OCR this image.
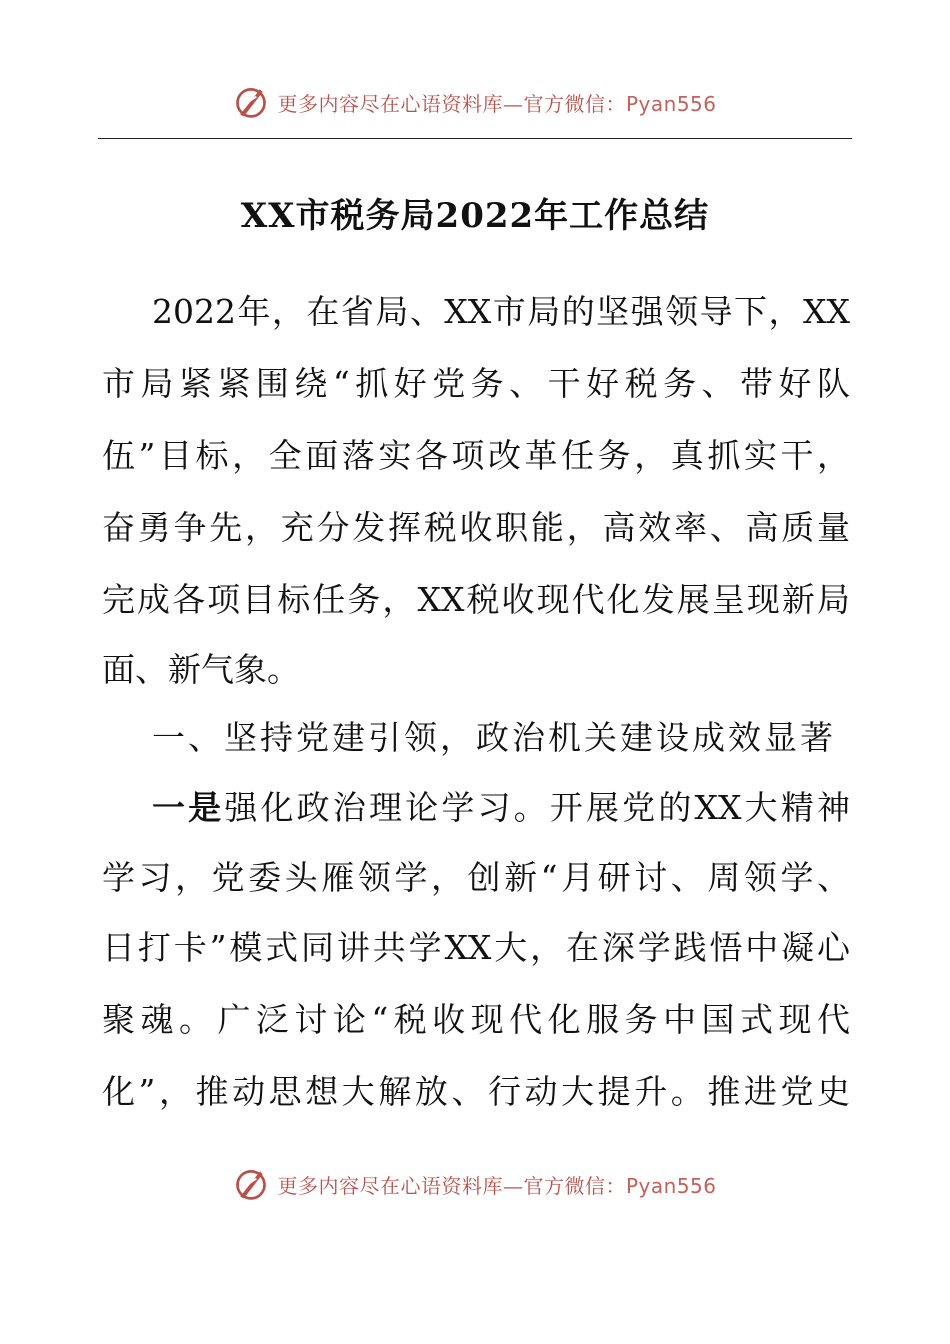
更多内容尽在心语资料库—官方微信：Pyan556
XX市税务局2022年工作总结
2022年，在省局、XX市局的坚强领导下，XX
市局紧紧围绕“抓好党务、干好税务、带好队
伍”目标，全面落实各项改革任务，真抓实干，
奋勇争先，充分发挥税收职能，高效率、高质量
完成各项目标任务，XX税收现代化发展呈现新局
面、新气象。
一、坚持党建引领，政治机关建设成效显著
一是强化政治理论学习。开展党的XX大精神
学习，党委头雁领学，创新“月研讨、周领学、
日打卡”模式同讲共学XX大，在深学践悟中凝心
聚魂。广泛讨论“税收现代化服务中国式现代
化”，推动思想大解放、行动大提升。推进党史
更多内容尽在心语资料库—官方微信：Pyan556
